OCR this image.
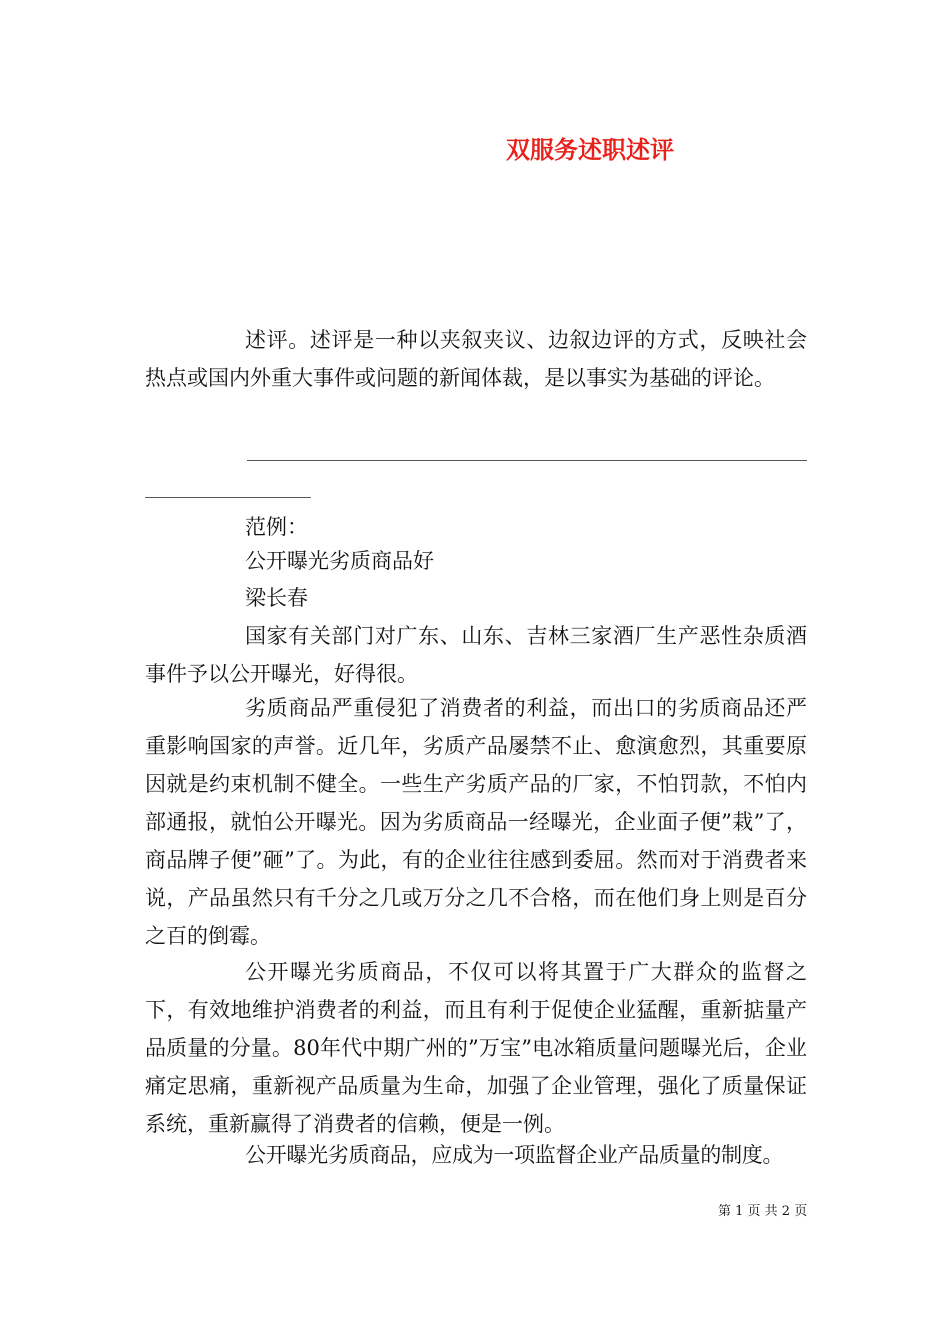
双服务述职述评

述评。述评是一种以夹叙夹议、边叙边评的方式，反映社会热点或国内外重大事件或问题的新闻体裁，是以事实为基础的评论。

范例：

公开曝光劣质商品好

梁长春

国家有关部门对广东、山东、吉林三家酒厂生产恶性杂质酒事件予以公开曝光，好得很。

劣质商品严重侵犯了消费者的利益，而出口的劣质商品还严重影响国家的声誉。近几年，劣质产品屡禁不止、愈演愈烈，其重要原因就是约束机制不健全。一些生产劣质产品的厂家，不怕罚款，不怕内部通报，就怕公开曝光。因为劣质商品一经曝光，企业面子便”栽”了，商品牌子便”砸”了。为此，有的企业往往感到委屈。然而对于消费者来说，产品虽然只有千分之几或万分之几不合格，而在他们身上则是百分之百的倒霉。

公开曝光劣质商品，不仅可以将其置于广大群众的监督之下，有效地维护消费者的利益，而且有利于促使企业猛醒，重新掂量产品质量的分量。80年代中期广州的”万宝”电冰箱质量问题曝光后，企业痛定思痛，重新视产品质量为生命，加强了企业管理，强化了质量保证系统，重新赢得了消费者的信赖，便是一例。

公开曝光劣质商品，应成为一项监督企业产品质量的制度。

第 1 页 共 2 页
